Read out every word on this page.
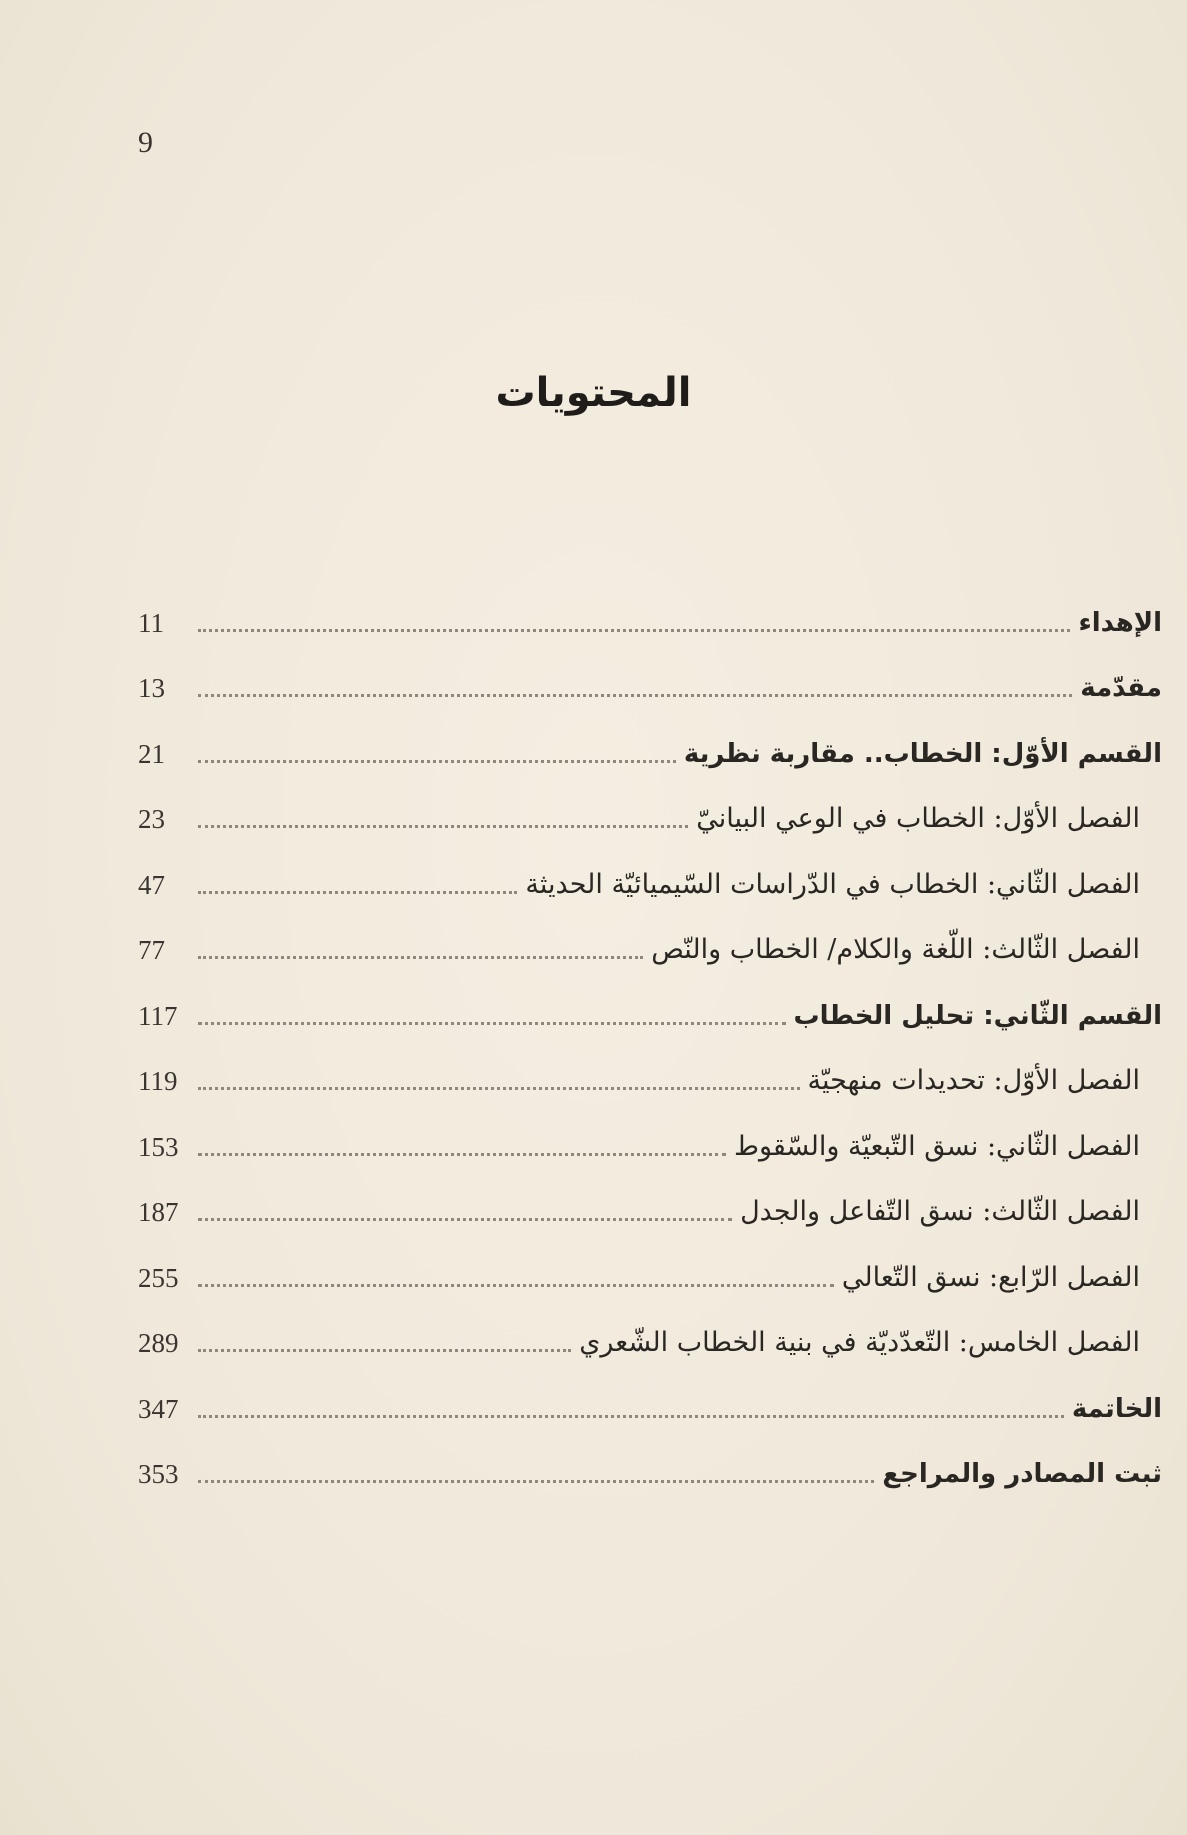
9
المحتويات
11	الإهداء
13	مقدّمة
21	القسم الأوّل: الخطاب.. مقاربة نظرية
23	الفصل الأوّل: الخطاب في الوعي البيانيّ
47	الفصل الثّاني: الخطاب في الدّراسات السّيميائيّة الحديثة
77	الفصل الثّالث: اللّغة والكلام/ الخطاب والنّص
117	القسم الثّاني: تحليل الخطاب
119	الفصل الأوّل: تحديدات منهجيّة
153	الفصل الثّاني: نسق التّبعيّة والسّقوط
187	الفصل الثّالث: نسق التّفاعل والجدل
255	الفصل الرّابع: نسق التّعالي
289	الفصل الخامس: التّعدّديّة في بنية الخطاب الشّعري
347	الخاتمة
353	ثبت المصادر والمراجع
